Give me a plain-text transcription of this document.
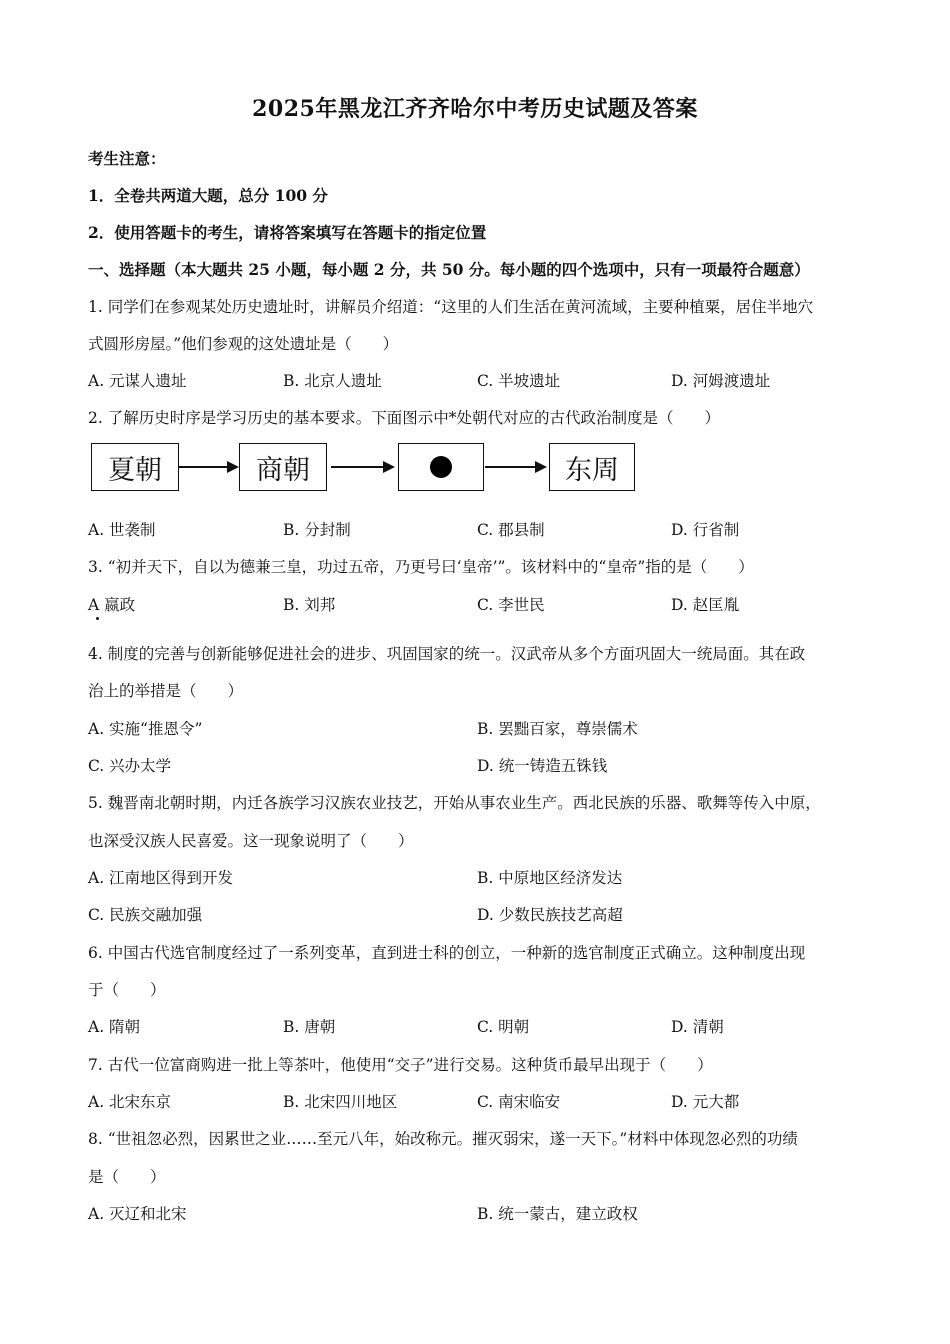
2025年黑龙江齐齐哈尔中考历史试题及答案
考生注意：
1．全卷共两道大题，总分 100 分
2．使用答题卡的考生，请将答案填写在答题卡的指定位置
一、选择题（本大题共 25 小题，每小题 2 分，共 50 分。每小题的四个选项中，只有一项最符合题意）
1. 同学们在参观某处历史遗址时，讲解员介绍道：“这里的人们生活在黄河流域，主要种植粟，居住半地穴
式圆形房屋。”他们参观的这处遗址是（　　）
A. 元谋人遗址	B. 北京人遗址	C. 半坡遗址	D. 河姆渡遗址
2. 了解历史时序是学习历史的基本要求。下面图示中*处朝代对应的古代政治制度是（　　）
夏朝	商朝	东周
A. 世袭制	B. 分封制	C. 郡县制	D. 行省制
3. “初并天下，自以为德兼三皇，功过五帝，乃更号曰‘皇帝’”。该材料中的“皇帝”指的是（　　）
A 嬴政	B. 刘邦	C. 李世民	D. 赵匡胤
4. 制度的完善与创新能够促进社会的进步、巩固国家的统一。汉武帝从多个方面巩固大一统局面。其在政
治上的举措是（　　）
A. 实施“推恩令”	B. 罢黜百家，尊崇儒术
C. 兴办太学	D. 统一铸造五铢钱
5. 魏晋南北朝时期，内迁各族学习汉族农业技艺，开始从事农业生产。西北民族的乐器、歌舞等传入中原，
也深受汉族人民喜爱。这一现象说明了（　　）
A. 江南地区得到开发	B. 中原地区经济发达
C. 民族交融加强	D. 少数民族技艺高超
6. 中国古代选官制度经过了一系列变革，直到进士科的创立，一种新的选官制度正式确立。这种制度出现
于（　　）
A. 隋朝	B. 唐朝	C. 明朝	D. 清朝
7. 古代一位富商购进一批上等茶叶，他使用“交子”进行交易。这种货币最早出现于（　　）
A. 北宋东京	B. 北宋四川地区	C. 南宋临安	D. 元大都
8. “世祖忽必烈，因累世之业……至元八年，始改称元。摧灭弱宋，遂一天下。”材料中体现忽必烈的功绩
是（　　）
A. 灭辽和北宋	B. 统一蒙古，建立政权
